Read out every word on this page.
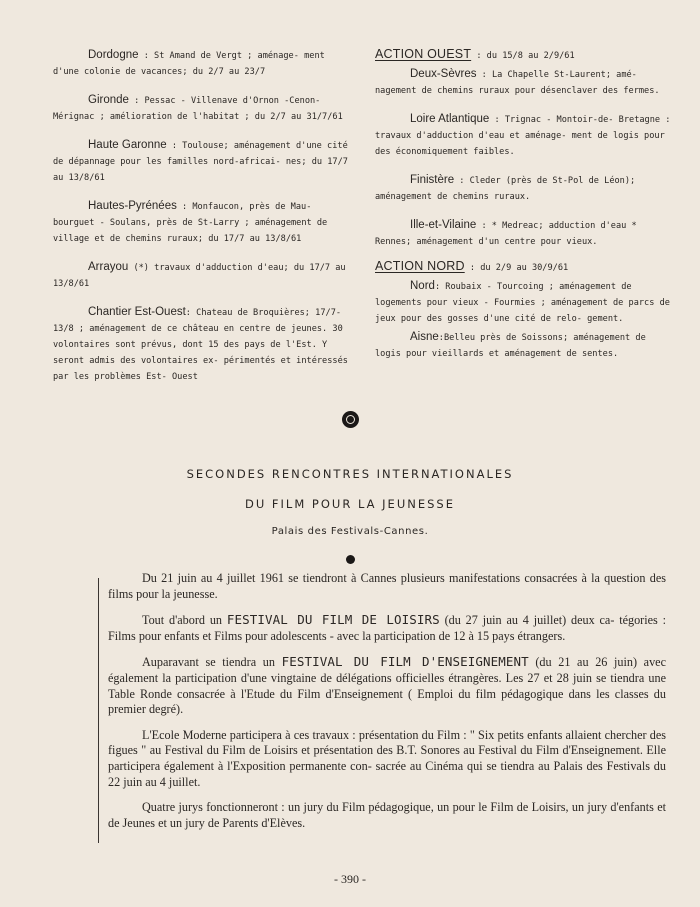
Dordogne : St Amand de Vergt ; aménage- ment d'une colonie de vacances; du 2/7 au 23/7

Gironde : Pessac - Villenave d'Ornon -Cenon- Mérignac ; amélioration de l'habitat ; du 2/7 au 31/7/61

Haute Garonne : Toulouse; aménagement d'une cité de dépannage pour les familles nord-africai- nes; du 17/7 au 13/8/61

Hautes-Pyrénées : Monfaucon, près de Mau- bourguet - Soulans, près de St-Larry ; aménagement de village et de chemins ruraux; du 17/7 au 13/8/61

Arrayou (*) travaux d'adduction d'eau; du 17/7 au 13/8/61

Chantier Est-Ouest: Chateau de Broquières; 17/7-13/8 ; aménagement de ce château en centre de jeunes. 30 volontaires sont prévus, dont 15 des pays de l'Est. Y seront admis des volontaires ex- périmentés et intéressés par les problèmes Est- Ouest

ACTION OUEST : du 15/8 au 2/9/61

Deux-Sèvres : La Chapelle St-Laurent; amé- nagement de chemins ruraux pour désenclaver des fermes.

Loire Atlantique : Trignac - Montoir-de- Bretagne : travaux d'adduction d'eau et aménage- ment de logis pour des économiquement faibles.

Finistère : Cleder (près de St-Pol de Léon); aménagement de chemins ruraux.

Ille-et-Vilaine : * Medreac; adduction d'eau * Rennes; aménagement d'un centre pour vieux.

ACTION NORD : du 2/9 au 30/9/61

Nord: Roubaix - Tourcoing ; aménagement de logements pour vieux - Fourmies ; aménagement de parcs de jeux pour des gosses d'une cité de relo- gement.

Aisne:Belleu près de Soissons; aménagement de logis pour vieillards et aménagement de sentes.

SECONDES RENCONTRES INTERNATIONALES
DU FILM POUR LA JEUNESSE
Palais des Festivals-Cannes.

Du 21 juin au 4 juillet 1961 se tiendront à Cannes plusieurs manifestations consacrées à la question des films pour la jeunesse.

Tout d'abord un FESTIVAL DU FILM DE LOISIRS (du 27 juin au 4 juillet) deux ca- tégories : Films pour enfants et Films pour adolescents - avec la participation de 12 à 15 pays étrangers.

Auparavant se tiendra un FESTIVAL DU FILM D'ENSEIGNEMENT (du 21 au 26 juin) avec également la participation d'une vingtaine de délégations officielles étrangères. Les 27 et 28 juin se tiendra une Table Ronde consacrée à l'Etude du Film d'Enseignement ( Emploi du film pédagogique dans les classes du premier degré).

L'Ecole Moderne participera à ces travaux : présentation du Film : " Six petits enfants allaient chercher des figues " au Festival du Film de Loisirs et présentation des B.T. Sonores au Festival du Film d'Enseignement. Elle participera également à l'Exposition permanente con- sacrée au Cinéma qui se tiendra au Palais des Festivals du 22 juin au 4 juillet.

Quatre jurys fonctionneront : un jury du Film pédagogique, un pour le Film de Loisirs, un jury d'enfants et de Jeunes et un jury de Parents d'Elèves.

- 390 -
